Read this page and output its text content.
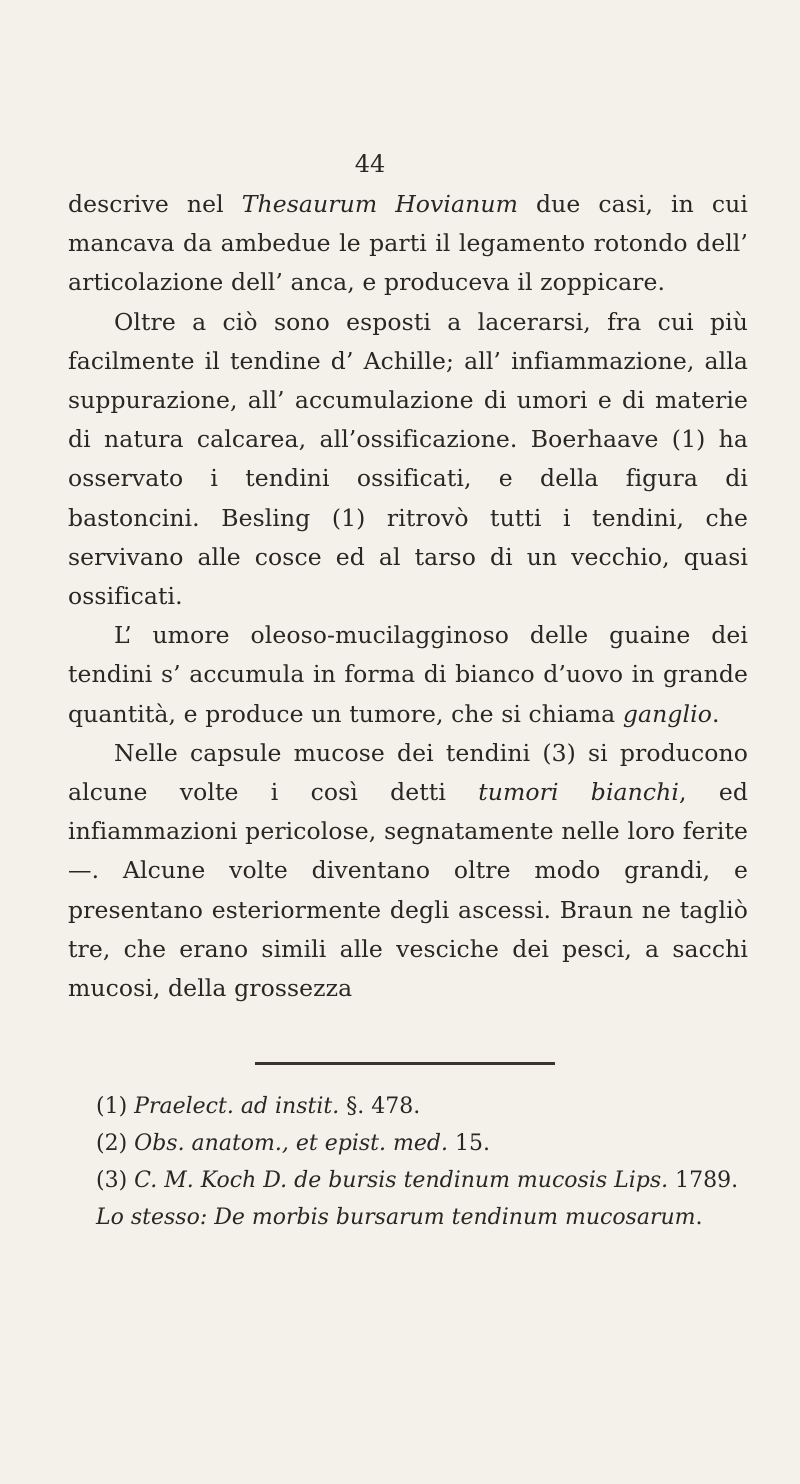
44

descrive nel Thesaurum Hovianum due casi, in cui mancava da ambedue le parti il legamento rotondo dell’ articolazione dell’ anca, e produceva il zoppicare.

Oltre a ciò sono esposti a lacerarsi, fra cui più facilmente il tendine d’ Achille; all’ infiammazione, alla suppurazione, all’ accumulazione di umori e di materie di natura calcarea, all’ossificazione. Boerhaave (1) ha osservato i tendini ossificati, e della figura di bastoncini. Besling (1) ritrovò tutti i tendini, che servivano alle cosce ed al tarso di un vecchio, quasi ossificati.

L’ umore oleoso-mucilagginoso delle guaine dei tendini s’ accumula in forma di bianco d’uovo in grande quantità, e produce un tumore, che si chiama ganglio.

Nelle capsule mucose dei tendini (3) si producono alcune volte i così detti tumori bianchi, ed infiammazioni pericolose, segnatamente nelle loro ferite —. Alcune volte diventano oltre modo grandi, e presentano esteriormente degli ascessi. Braun ne tagliò tre, che erano simili alle vesciche dei pesci, a sacchi mucosi, della grossezza

(1) Praelect. ad instit. §. 478.

(2) Obs. anatom., et epist. med. 15.

(3) C. M. Koch D. de bursis tendinum mucosis Lips. 1789. Lo stesso: De morbis bursarum tendinum mucosarum.
